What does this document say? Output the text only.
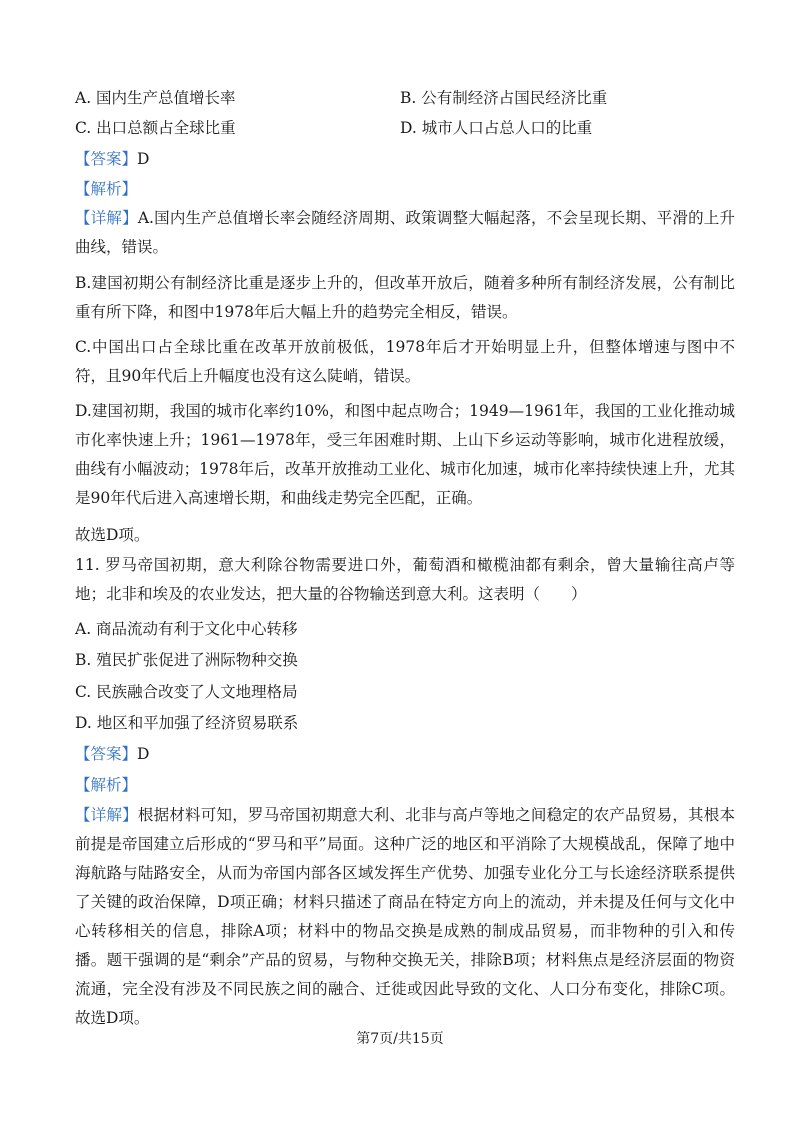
A. 国内生产总值增长率	B. 公有制经济占国民经济比重
C. 出口总额占全球比重	D. 城市人口占总人口的比重
【答案】D
【解析】
【详解】A.国内生产总值增长率会随经济周期、政策调整大幅起落，不会呈现长期、平滑的上升曲线，错误。
B.建国初期公有制经济比重是逐步上升的，但改革开放后，随着多种所有制经济发展，公有制比重有所下降，和图中1978年后大幅上升的趋势完全相反，错误。
C.中国出口占全球比重在改革开放前极低，1978年后才开始明显上升，但整体增速与图中不符，且90年代后上升幅度也没有这么陡峭，错误。
D.建国初期，我国的城市化率约10%，和图中起点吻合；1949—1961年，我国的工业化推动城市化率快速上升；1961—1978年，受三年困难时期、上山下乡运动等影响，城市化进程放缓，曲线有小幅波动；1978年后，改革开放推动工业化、城市化加速，城市化率持续快速上升，尤其是90年代后进入高速增长期，和曲线走势完全匹配，正确。
故选D项。
11. 罗马帝国初期，意大利除谷物需要进口外，葡萄酒和橄榄油都有剩余，曾大量输往高卢等地；北非和埃及的农业发达，把大量的谷物输送到意大利。这表明（　　）
A. 商品流动有利于文化中心转移
B. 殖民扩张促进了洲际物种交换
C. 民族融合改变了人文地理格局
D. 地区和平加强了经济贸易联系
【答案】D
【解析】
【详解】根据材料可知，罗马帝国初期意大利、北非与高卢等地之间稳定的农产品贸易，其根本前提是帝国建立后形成的“罗马和平”局面。这种广泛的地区和平消除了大规模战乱，保障了地中海航路与陆路安全，从而为帝国内部各区域发挥生产优势、加强专业化分工与长途经济联系提供了关键的政治保障，D项正确；材料只描述了商品在特定方向上的流动，并未提及任何与文化中心转移相关的信息，排除A项；材料中的物品交换是成熟的制成品贸易，而非物种的引入和传播。题干强调的是“剩余”产品的贸易，与物种交换无关，排除B项；材料焦点是经济层面的物资流通，完全没有涉及不同民族之间的融合、迁徙或因此导致的文化、人口分布变化，排除C项。故选D项。
第7页/共15页
